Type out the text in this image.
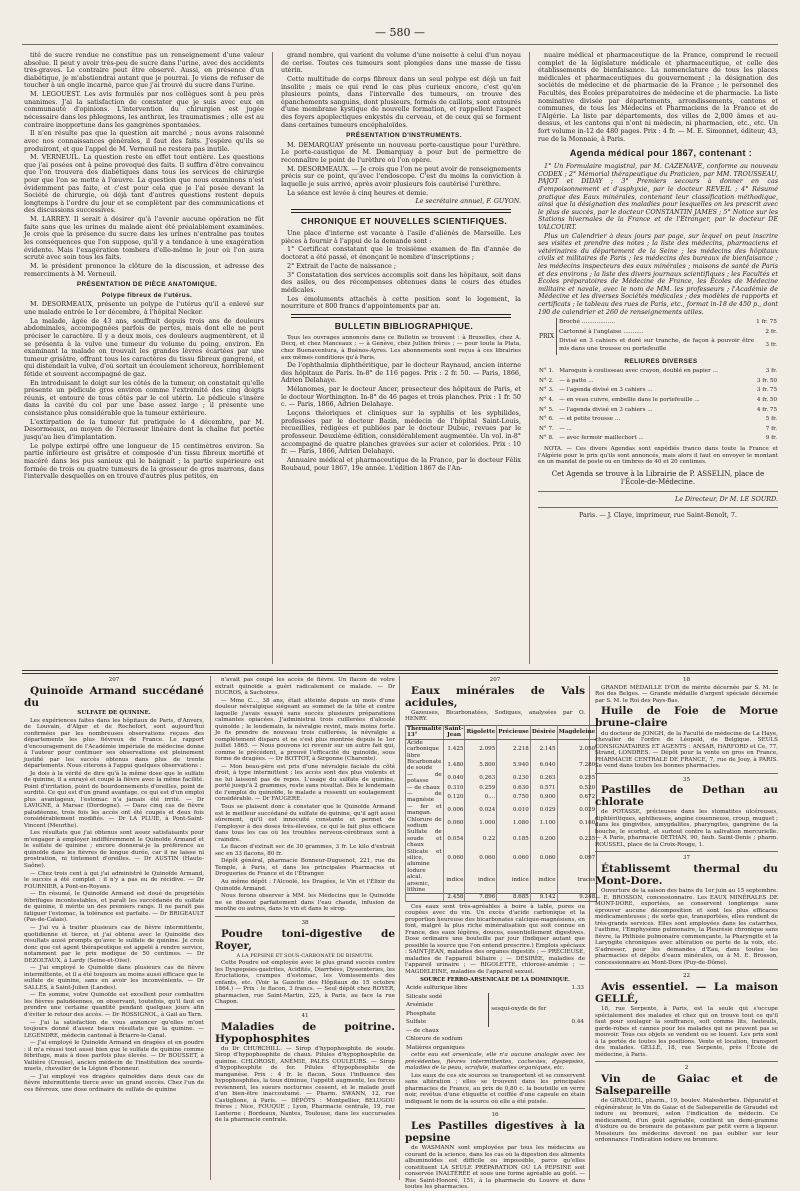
— 580 —

tité de sucre rendue ne constitue pas un renseignement d'une valeur absolue. Il peut y avoir très-peu de sucre dans l'urine, avec des accidents très-graves. Le contraire peut être observé. Aussi, en présence d'un diabétique, je m'abstiendrai autant que je pourrai. Je viens de refuser de toucher à un ongle incarné, parce que j'ai trouvé du sucre dans l'urine.

M. LEGOUEST. Les avis formulés par nos collègues sont à peu près unanimes. J'ai la satisfaction de constater que je suis avec eux en communauté d'opinions. L'intervention du chirurgien est jugée nécessaire dans les phlegmons, les anthrax, les traumatismes ; elle est au contraire inopportune dans les gangrènes spontanées.

Il n'en résulte pas que la question ait marché ; nous avons raisonné avec nos connaissances générales, il faut des faits. J'espère qu'ils se produiront, et que l'appel de M. Verneuil ne restera pas inutile.

M. VERNEUIL. La question reste en effet tout entière. Les questions que j'ai posées ont à peine provoqué des faits. Il suffira d'être convaincu que l'on trouvera des diabétiques dans tous les services de chirurgie pour que l'on se mette à l'œuvre. La question que nous examinons n'est évidemment pas faite, et c'est pour cela que je l'ai posée devant la Société de chirurgie, où déjà tant d'autres questions restent depuis longtemps à l'ordre du jour et se complètent par des communications et des discussions successives.

M. LARREY. Il serait à désirer qu'à l'avenir aucune opération ne fût faite sans que les urines du malade aient été préalablement examinées. Je crois que la présence du sucre dans les urines n'entraîne pas toutes les conséquences que l'on suppose, qu'il y a tendance à une exagération évidente. Mais l'exagération tombera d'elle-même le jour où l'on aura scruté avec soin tous les faits.

M. le président prononce la clôture de la discussion, et adresse des remerciments à M. Verneuil.

PRÉSENTATION DE PIÈCE ANATOMIQUE.

Polype fibreux de l'utérus.

M. DESORMEAUX, présente un polype de l'utérus qu'il a enlevé sur une malade entrée le 1er décembre, à l'hôpital Necker.

La malade, âgée de 43 ans, souffrait depuis trois ans de douleurs abdominales, accompagnées parfois de pertes, mais dont elle ne peut préciser le caractère. Il y a deux mois, ces douleurs augmentèrent, et il se présenta à la vulve une tumeur du volume du poing, environ. En examinant la malade on trouvait les grandes lèvres écartées par une tumeur grisâtre, offrant tous les caractères du tissu fibreux gangrené, et qui distendait la vulve, d'où sortait un écoulement ichoreux, horriblement fétide et souvent accompagné de gaz.

En introduisant le doigt sur les côtés de la tumeur, on constatait qu'elle présente un pédicule gros environ comme l'extrémité des cinq doigts réunis, et entouré de tous côtés par le col utérin. Le pédicule s'insère dans la cavité du col par une base assez large ; il présente une consistance plus considérable que la tumeur extérieure.

L'extirpation de la tumeur fut pratiquée le 4 décembre, par M. Desormeaux, au moyen de l'écraseur linéaire dont la chaîne fut portée jusqu'au lieu d'implantation.

Le polype extirpé offre une longueur de 15 centimètres environ. Sa partie inférieure est grisâtre et composée d'un tissu fibreux mortifié et macéré dans les pus sanieux qui le baignait ; la partie supérieure est formée de trois ou quatre tumeurs de la grosseur de gros marrons, dans l'intervalle desquelles on en trouve d'autres plus petites, en

grand nombre, qui varient du volume d'une noisette à celui d'un noyau de cerise. Toutes ces tumeurs sont plongées dans une masse de tissu utérin.

Cette multitude de corps fibreux dans un seul polype est déjà un fait insolite ; mais ce qui rend le cas plus curieux encore, c'est qu'en plusieurs points, dans l'intervalle des tumeurs, on trouve des épanchements sanguins, dont plusieurs, formés de caillots, sont entourés d'une membrane kystique de nouvelle formation, et rappellent l'aspect des foyers apoplectiques enkystés du cerveau, et de ceux qui se forment dans certaines tumeurs encéphaloïdes.

PRÉSENTATION D'INSTRUMENTS.

M. DEMARQUAY présente un nouveau porte-caustique pour l'urèthre. Le porte-caustique de M. Demarquay a pour but de permettre de reconnaître le point de l'urèthre où l'on opère.

M. DESORMEAUX. — Je crois que l'on ne peut avoir de renseignements précis sur ce point, qu'avec l'endoscope. C'est du moins la conviction à laquelle je suis arrivé, après avoir plusieurs fois cautérisé l'urèthre.

La séance est levée à cinq heures et demie.

Le secrétaire annuel, F. GUYON.

CHRONIQUE ET NOUVELLES SCIENTIFIQUES.

Une place d'interne est vacante à l'asile d'aliénés de Marseille. Les pièces à fournir à l'appui de la demande sont :

1° Certificat constatant que le troisième examen de fin d'année de doctorat a été passé, et énonçant le nombre d'inscriptions ;

2° Extrait de l'acte de naissance ;

3° Constatation des services accomplis soit dans les hôpitaux, soit dans des asiles, ou des récompenses obtenues dans le cours des études médicales.

Les émoluments attachés à cette position sont le logement, la nourriture et 800 francs d'appointements par an.

BULLETIN BIBLIOGRAPHIQUE.

Tous les ouvrages annoncés dans ce Bulletin se trouvent : à Bruxelles, chez A. Decq, et chez Manceaux ; — à Genève, chez Jullien frères ; — pour toute la Plata, chez Buenaventura, à Buénos-Ayres. Les abonnements sont reçus à ces librairies aux mêmes conditions qu'à Paris.

De l'ophthalmia diphthéritique, par le docteur Raynaud, ancien interne des hôpitaux de Paris. In-8° de 116 pages. Prix : 2 fr. 50. — Paris, 1866, Adrien Delahaye.

Mélanomes, par le docteur Ancer, prosecteur des hôpitaux de Paris, et le docteur Worthington. In-8° de 46 pages et trois planches. Prix : 1 fr. 50 c. — Paris, 1866, Adrien Delahaye.

Leçons théoriques et cliniques sur la syphilis et les syphilides, professées par le docteur Bazin, médecin de l'hôpital Saint-Louis, recueillies, rédigées et publiées par le docteur Dubuc, revues par le professeur. Deuxième édition, considérablement augmentée. Un vol. in-8° accompagné de quatre planches gravées sur acier et coloriées. Prix : 10 fr. — Paris, 1866, Adrien Delahaye.

Annuaire médical et pharmaceutique de la France, par le docteur Félix Roubaud, pour 1867, 19e année. L'édition 1867 de l'An-

nuaire médical et pharmaceutique de la France, comprend le recueil complet de la législature médicale et pharmaceutique, et celle des établissements de bienfaisance. La nomenclature de tous les places médicales et pharmaceutiques du gouvernement ; la désignation des sociétés de médecine et de pharmacie de la France ; le personnel des Facultés, des Écoles préparatoires de médecine et de pharmacie. La liste nominative divisée par départements, arrondissements, cantons et communes, de tous les Médecins et Pharmaciens de la France et de l'Algérie. La liste par départements, des villes de 2,000 âmes et au-dessus, et les cantons qui n'ont ni médecin, ni pharmacien, etc., etc. Un fort volume in-12 de 480 pages. Prix : 4 fr. — M. E. Simonnet, éditeur, 43, rue de la Monnaie, à Paris.

Agenda médical pour 1867, contenant :

1° Un Formulaire magistral, par M. CAZENAVE, conforme au nouveau CODEX ; 2° Mémorial thérapeutique du Praticien, par MM. TROUSSEAU, PAJOT et DIDAY ; 3° Premiers secours à donner en cas d'empoisonnement et d'asphyxie, par le docteur REVEIL ; 4° Résumé pratique des Eaux minérales, contenant leur classification méthodique, ainsi que la désignation des maladies pour lesquelles on les prescrit avec le plus de succès, par le docteur CONSTANTIN JAMES ; 5° Notice sur les Stations hivernales de la France et de l'Étranger, par le docteur DE VALCOURT.

Plus un Calendrier à deux jours par page, sur lequel on peut inscrire ses visites et prendre des notes ; la liste des médecins, pharmaciens et vétérinaires du département de la Seine ; les médecins des hôpitaux civils et militaires de Paris ; les médecins des bureaux de bienfaisance ; les médecins inspecteurs des eaux minérales ; maisons de santé de Paris et des environs ; la liste des divers journaux scientifiques ; les Facultés et Écoles préparatoires de Médecine de France, les Écoles de Médecine militaire et navale, avec le nom de MM. les professeurs ; l'Académie de Médecine et les diverses Sociétés médicales ; des modèles de rapports et certificats ; le tableau des rues de Paris, etc., format in-18 de 450 p., dont 190 de calendrier et 260 de renseignements utiles.

PRIX	Broché ..................	1 fr. 75
	Cartonné à l'anglaise ...........	2 fr.
	Divisé en 3 cahiers et doré sur tranche, de façon à pouvoir être mis dans une trousse ou portefeuille	3 fr.

RELIURES DIVERSES

N° 1.	Maroquin à coulisseau avec crayon, doublé en papier ...	3 fr.
N° 2.	— à patte ...	3 fr. 50
N° 3.	— l'agenda divisé en 3 cahiers ...	3 fr. 75
N° 4.	— en veau cuivre, embellie dans le portefeuille ...	4 fr. 50
N° 5.	— l'agenda divisé en 3 cahiers ...	4 fr. 75
N° 6.	— et petite trousse ...	5 fr.
N° 7.	— ...	7 fr.
N° 8.	— avec fermoir maillechort ...	9 fr.

NOTA. — Ces divers Agendas sont expédiés franco dans toute la France et l'Algérie pour le prix qu'ils sont annoncés, mais alors il faut en envoyer le montant en un mandat de poste ou en timbres de 40 et 20 centimes.

Cet Agenda se trouve à la Librairie de P. ASSELIN, place de l'École-de-Médecine.

Le Directeur, Dr M. LE SOURD.

Paris. — J. Claye, imprimeur, rue Saint-Benoît, 7.

207

Quinoïde Armand succédané du

SULFATE DE QUININE.

Les expériences faites dans les hôpitaux de Paris, d'Anvers, de Louvain, d'Alger et de Rochefort, sont aujourd'hui confirmées par les nombreuses observations reçues des départements les plus fiévreux de France. Le rapport d'encouragement de l'Académie impériale de médecine donne à l'auteur pour continuer ses observations est pleinement justifié par les succès obtenus dans plus de trente départements. Nous citerons à l'appui quelques observations :

Je dois à la vérité de dire qu'à la même dose que le sulfate de quinine, il a enrayé et coupé la fièvre avec la même facilité. Point d'irritation, point de bourdonnements d'oreilles, point de surdité. Ce qui est d'un grand avantage, ce qui est d'un emploi plus avantageux, l'estomac n'a jamais été irrité. — Dr LAVIGNE, à Marsac (Dordogne). — Dans cinq cas de fièvre paludéenne, trois fois les accès ont été coupés et deux fois considérablement modifiés. — Dr LA PLUIE, à Pont-Saint-Vincent (Meurthe).

Les résultats que j'ai obtenus sont assez satisfaisants pour m'engager à employer indifféremment le Quinoïde Armand et le sulfate de quinine ; encore donnerai-je la préférence au quinoïde dans les fièvres de longue durée, car il ne laisse ni prostration, ni tintement d'oreilles. — Dr AUSTIN (Haute-Saône).

— Chez trois cent à qui j'ai administré le Quinoïde Armand, le succès a été complet : il n'y a pas eu de récidive. — Dr FOURNIER, à Pont-en-Royans.

— En résumé, le Quinoïde Armand est doué de propriétés fébrifuges incontestables, et paraît les succédanés du sulfate de quinine, il mérite un des premiers rangs. Il ne paraît pas fatiguer l'estomac, la tolérance est parfaite. — Dr BRIGEAULT (Pas-de-Calais).

— J'ai vu à traiter plusieurs cas de fièvre intermittente, quotidienne et tierce, et j'ai obtenu avec le Quinoïde des résultats aussi prompts qu'avec le sulfate de quinine. Je crois donc que cet agent thérapeutique est appelé à rendre service, notamment par le prix modique de 50 centimes. — Dr DEZOLTAUX, à Lardy (Seine-et-Oise).

— J'ai employé le Quinoïde dans plusieurs cas de fièvre intermittente, et il a été toujours au moins aussi efficace que le sulfate de quinine, sans en avoir les inconvénients. — Dr SALLES, à Saint-Julien (Landes).

— En somme, votre Quinoïde est excellent pour combattre les fièvres paludéennes, on observant, toutefois, qu'il faut en prendre une certaine quantité pendant quelques jours afin d'éviter le retour des accès. — Dr ROSSIGNOL, à Gail au Tarn.

— J'ai la satisfaction de vous annoncer qu'elles m'ont toujours donné d'assez beaux résultats que la quinine. — LEGENDRE, médecin cantonal à Briarre-le-Canal.

— J'ai employé le Quinoïde Armand en dragées et en poudre : il m'a réussi tout aussi bien que le sulfate de quinine comme fébrifuge, mais à dose parfois plus élevée. — Dr BOUSSET, à Vailière (Creuse), ancien médecin de l'institution des sourds-muets, chevalier de la Légion d'honneur.

— J'ai employé vos dragées quinoïdes dans deux cas de fièvre intermittente tierce avec un grand succès. Chez l'un de ces fiévreux, une dose ordinaire de sulfate de quinine

n'avait pas coupé les accès de fièvre. Un flacon de votre extrait quinoïde a guéri radicalement ce malade. — Dr DUCROS, à Sachoires.

— Mme C..., 38 ans, était atteinte depuis un mois d'une douleur névralgique siégeant au sommet de la tête et contre laquelle j'avais essayé sans succès plusieurs préparations calmantes opiacées. J'administrai trois cuillerées d'alcoolé quinoïde ; le lendemain, la névralgie revint, mais moins forte. Je fis prendre de nouveau trois cuillerées, la névralgie a complètement disparu et ne s'est plus montrée depuis le 1er juillet 1865. — Nous pouvons ici revenir sur un autre fait qui, comme le précédent, a prouvé l'efficacité du quinoïde, sous forme de dragées. — Dr BOTTOT, à Sirgonne (Charente).

— Mon beau-père est pris d'une névralgie faciale du côté droit, à type intermittent ; les accès sont des plus violents et ne lui laissent pas de repos. L'usage du sulfate de quinine, porté jusqu'à 2 grammes, reste sans résultat. Dès le lendemain de l'emploi du quinoïde, le malade a ressenti un soulagement considérable. — Dr FAUGERE.

Tous se plaisent donc à constater que le Quinoïde Armand est le meilleur succédané du sulfate de quinine, qu'il agit aussi sûrement, qu'il est innocuité constante et permet de l'employer à des doses très-élevées, ce qui le fait plus efficace dans tous les cas où les troubles nerveux-cérébraux sont à craindre.

Le flacon d'extrait sec de 30 grammes, 3 fr. Le kilo d'extrait sec en 33 flacons, 80 fr.

Dépôt général, pharmacie Bonneur-Duguenot, 221, rue du Temple, à Paris, et dans les principales Pharmacies et Drogueries de France et de l'Étranger.

Au même dépôt : l'Alcoolé, les Dragées, le Vin et l'Élixir du Quinoïde Armand.

Nous ferons observer à MM. les Médecins que le Quinoïde ne se dissout parfaitement dans l'eau chaude, infusion de menthe ou autres, dans le vin et dans le sirop.

38

Poudre toni-digestive de Royer,

A LA PEPSINE ET SOUS-CARBONATE DE BISMUTH.

Cette Poudre est employée avec le plus grand succès contre les Dyspepsies-gastrites, Acidités, Diarrhées, Dyssenteries, les Éructations, crampes d'estomac, les Vomissements des enfants, etc. (Voir la Gazette des Hôpitaux du 15 octobre 1864.) — Prix : le flacon, 3 francs. — Seul dépôt chez ROYER, pharmacien, rue Saint-Martin, 225, à Paris, au face la rue Chapon.

41

Maladies de poitrine. Hypophosphites

du Dr CHURCHILL. — Sirop d'hypophosphite de soude. Sirop d'hypophosphite de chaux. Pilules d'hypophosphite de quinine. CHLOROSE, ANÉMIE, PALES COULEURS. — Sirop d'hypophosphite de fer. Pilules d'hypophosphite de manganèse. Prix : 4 fr. le flacon. Sous l'influence des hypophosphites, la toux diminue, l'appétit augmente, les forces reviennent, les sueurs nocturnes cessent, et le malade jouit d'un bien-être inaccoutumé. — Pharm. SWANN, 12, rue Castiglione, à Paris. — DÉPÔTS : Montpellier, BELUGOU frères ; Nice, FOUQUE ; Lyon, Pharmacie centrale, 19, rue Lanterne ; Bordeaux, Nantes, Toulouse, dans les succursales de la pharmacie centrale.

207

Eaux minérales de Vals acidules,

Gazeuses, Bicarbonatées, Sodiques, analysées par O. HENRY.

Thermalité 13°	Saint-Jean	Rigolette	Précieuse	Désirée	Magdeleine
Acide carbonique libre	1.425	2.095	2.218	2.145	2.050
Bicarbonate de soude	1.480	5.800	5.940	6.040	7.280
— de potasse	0.040	0.263	0.230	0.263	0.255
— de chaux	0.310	0.259	0.630	0.571	0.520
— de magnésie	0.120	0....	0.750	0.900	0.672
— fer et mangan.	0.006	0.024	0.010	0.029	0.029
Chlorure de sodium	0.060	1.000	1.080	1.100	0.160
Sulfate de soude et chaux	0.054	0.22	0.185	0.200	0.235
Silicate et silice, alumine	0.060	0.060	0.060	0.060	0.097
Iodure alcal. arsenic, lithine	indice	indice	indice	indice	traces
	2.458	7.896	8.685	9.142	9.248

Ces eaux sont très-agréables à boire à table, pures ou coupées avec du vin. Un excès d'acide carbonique et la proportion heureuse des bicarbonates calcique-magnésiens, en font, malgré la plus riche minéralisation qui soit connue en France, des eaux légères, douces, essentiellement digestives. Dose ordinaire une bouteille par jour (Indiquer autant que possible la source que l'on entend prescrire.) Emplois spéciaux : SAINT-JEAN, maladies des organes digestifs ; — PRÉCIEUSE, maladies de l'appareil biliaire ; — DÉSIRÉE, maladies de l'appareil urinaire ; — RIGOLETTE, chlorose-anémie ; — MAGDELEINE, maladies de l'appareil sexuel.

SOURCE FERRO-ARSENICALE DE LA DOMINIQUE.

Acide sulfurique libre		1.33
Silicate sodé	sesqui-oxyde de fer	
Arséniate		
Phosphate		
Sulfate		0.44
— de chaux		
Chlorure de sodium		
Matières organiques		

cette eau est arsenicale, elle n'a aucune analogie avec les précédentes, fièvres intermittentes, cachexies, dyspepsies, maladies de la peau, scrofule, maladies organiques, etc.

Les eaux de ces six sources se transportent et se conservent sans altération ; elles se trouvent dans les principales pharmacies de France, au prix de 0,80 c. la bouteille en verre noir, revêtue d'une étiquette et coiffée d'une capsule en étain indiquant le nom de la source où elle a été puisée.

16

Les Pastilles digestives à la pepsine

de WASMANN sont employées par tous les médecins au courant de la science, dans les cas où la digestion des aliments albuminoïdes est difficile ou impossible, parce qu'elles constituent LA SEULE PRÉPARATION OÙ LA PEPSINE soit conservée INALTÉRÉE et sous une forme agréable au goût. — Rue Saint-Honoré, 151, à la pharmacie du Louvre et dans toutes les pharmacies.

18

GRANDE MÉDAILLE D'OR de mérite décernée par S. M. le Roi des Belges. — Grande médaille d'argent spéciale décernée par S. M. le Roi des Pays-Bas.

Huile de Foie de Morue brune-claire

du docteur de JONGH, de la Faculté de médecine de La Haye, chevalier de l'ordre de Léopold, de Belgique. SEULS CONSIGNATAIRES ET AGENTS : ANSAR, HARFORD et Ce, 77, Strand, LONDRES. — Dépôt pour la vente en gros en France, PHARMACIE CENTRALE DE FRANCE, 7, rue de Jouy, à PARIS. Se vend dans toutes les bonnes pharmacies.

35

Pastilles de Dethan au chlorate

de POTASSE, précieuses dans les stomatites ulcéreuses, diphtéritiques, aphtheuses, angine couenneuse, croup, muguet ; dans les gingivites, amygdalites, pharyngites, gangrène de la bouche, le scorbut, et surtout contre la salivation mercurielle. — A Paris, pharmacie DETHAN, 90, faub. Saint-Denis ; pharm. ROUSSEL, place de la Croix-Rouge, 1.

37

Établissemt thermal du Mont-Dore.

Ouverture de la saison des bains du 1er juin au 15 septembre. — E. BROSSON, concessionnaire. Les EAUX MINÉRALES DE MONT-DORE, exportées, se conservent longtemps sans éprouver aucune décomposition et sont les plus efficaces médicamenteuses ; de sorte que, transportées, elles rendent de très-grands services. Elles sont employées dans les catarrhes, l'asthme, l'Emphysème pulmonaire, la Pleurésie chronique sans fièvre, la Phthisie pulmonaire commençante, la Pharyngite et la Laryngite chroniques avec altération ou perte de la voix, etc. S'adresser, pour les demandes d'Eau, dans toutes les pharmacies et dépôts d'eaux minérales, ou à M. E. Brosson, concessionnaire au Mont-Dore (Puy-de-Dôme).

22

Avis essentiel. — La maison GELLÉ,

18, rue Serpente, à Paris, est la seule qui s'occupe spécialement des malades et chez qui on trouve tout ce qu'il faut pour soulager la souffrance, soit comme lits, fauteuils, garde-robes et cannes pour les malades qui ne peuvent pas se mouvoir. Tous ces objets se vendent ou se louent. Les prix sont à la portée de toutes les positions. Vente et location, transport des malades. GELLÉ, 18, rue Serpente, près l'École de médecine, à Paris.

2

Vin de Gaiac et de Salsepareille

de GIRAUDEL, pharm., 19, boulev. Malesherbes. Dépuratif et régénérateur, le Vin de Gaiac et de Salsepareille de Giraudel est iodure ou bromuré, selon l'indication de médecin. Ce médicament, d'un goût agréable, contient un demi-gramme d'iodure ou de bromure de potassium par petit verre à liqueur. Messieurs les médecins devront ne pas oublier sur leur ordonnance l'indication iodure ou bromure.
